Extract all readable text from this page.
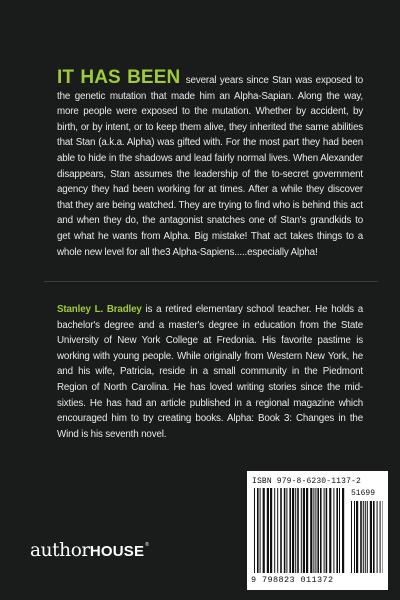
IT HAS BEEN several years since Stan was exposed to the genetic mutation that made him an Alpha-Sapian. Along the way, more people were exposed to the mutation. Whether by accident, by birth, or by intent, or to keep them alive, they inherited the same abilities that Stan (a.k.a. Alpha) was gifted with. For the most part they had been able to hide in the shadows and lead fairly normal lives. When Alexander disappears, Stan assumes the leadership of the to-secret government agency they had been working for at times. After a while they discover that they are being watched. They are trying to find who is behind this act and when they do, the antagonist snatches one of Stan's grandkids to get what he wants from Alpha. Big mistake! That act takes things to a whole new level for all the3 Alpha-Sapiens.....especially Alpha!
Stanley L. Bradley is a retired elementary school teacher. He holds a bachelor's degree and a master's degree in education from the State University of New York College at Fredonia. His favorite pastime is working with young people. While originally from Western New York, he and his wife, Patricia, reside in a small community in the Piedmont Region of North Carolina. He has loved writing stories since the mid-sixties. He has had an article published in a regional magazine which encouraged him to try creating books. Alpha: Book 3: Changes in the Wind is his seventh novel.
authorHOUSE®
ISBN 979-8-6230-1137-2
51699
9 798823 011372
